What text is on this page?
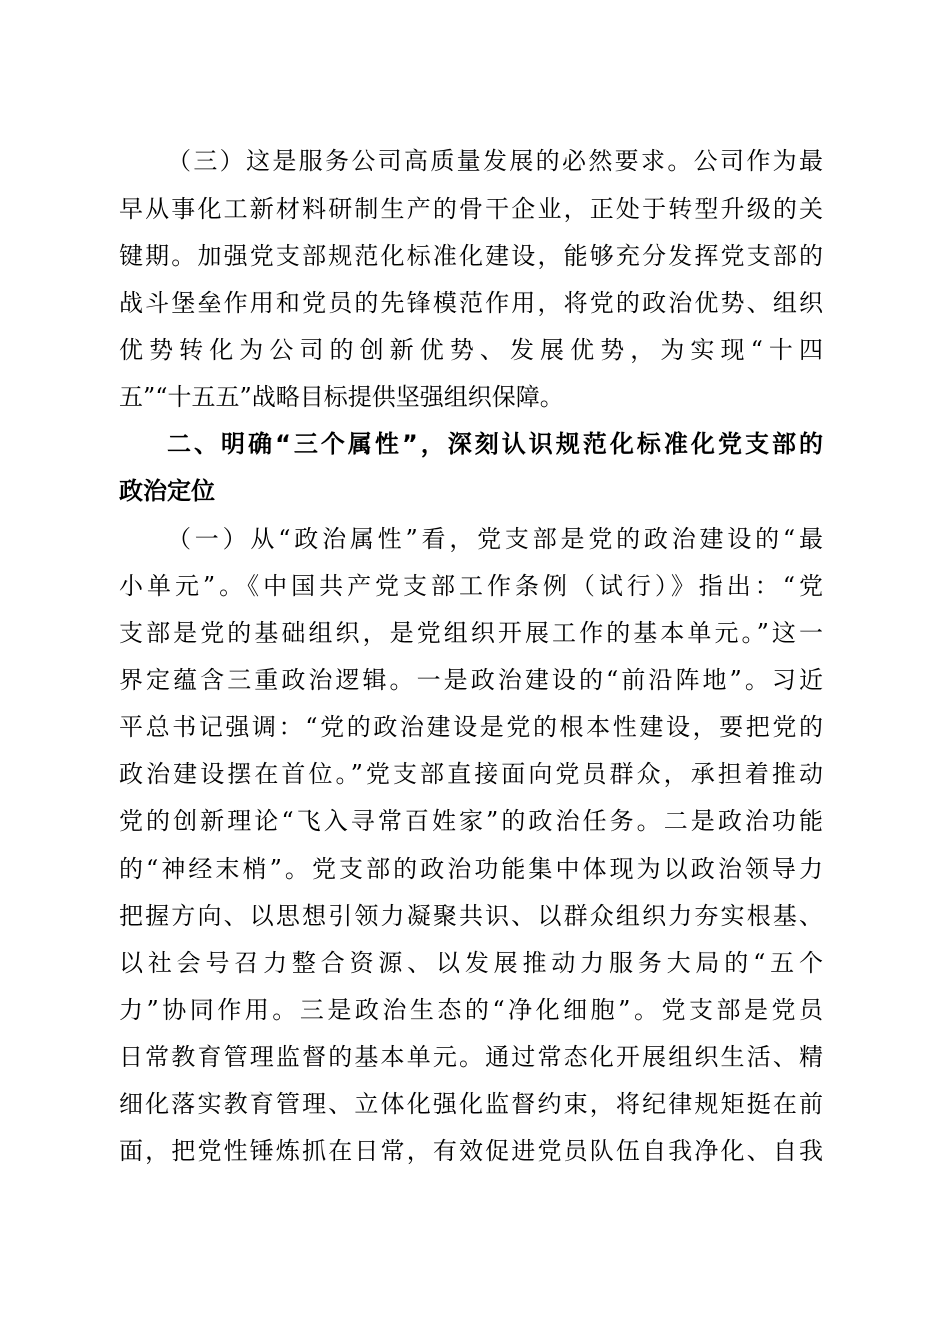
（三）这是服务公司高质量发展的必然要求。公司作为最
早从事化工新材料研制生产的骨干企业，正处于转型升级的关
键期。加强党支部规范化标准化建设，能够充分发挥党支部的
战斗堡垒作用和党员的先锋模范作用，将党的政治优势、组织
优势转化为公司的创新优势、发展优势，为实现“十四
五”“十五五”战略目标提供坚强组织保障。
二、明确“三个属性”，深刻认识规范化标准化党支部的
政治定位
（一）从“政治属性”看，党支部是党的政治建设的“最
小单元”。《中国共产党支部工作条例（试行）》指出：“党
支部是党的基础组织，是党组织开展工作的基本单元。”这一
界定蕴含三重政治逻辑。一是政治建设的“前沿阵地”。习近
平总书记强调：“党的政治建设是党的根本性建设，要把党的
政治建设摆在首位。”党支部直接面向党员群众，承担着推动
党的创新理论“飞入寻常百姓家”的政治任务。二是政治功能
的“神经末梢”。党支部的政治功能集中体现为以政治领导力
把握方向、以思想引领力凝聚共识、以群众组织力夯实根基、
以社会号召力整合资源、以发展推动力服务大局的“五个
力”协同作用。三是政治生态的“净化细胞”。党支部是党员
日常教育管理监督的基本单元。通过常态化开展组织生活、精
细化落实教育管理、立体化强化监督约束，将纪律规矩挺在前
面，把党性锤炼抓在日常，有效促进党员队伍自我净化、自我
